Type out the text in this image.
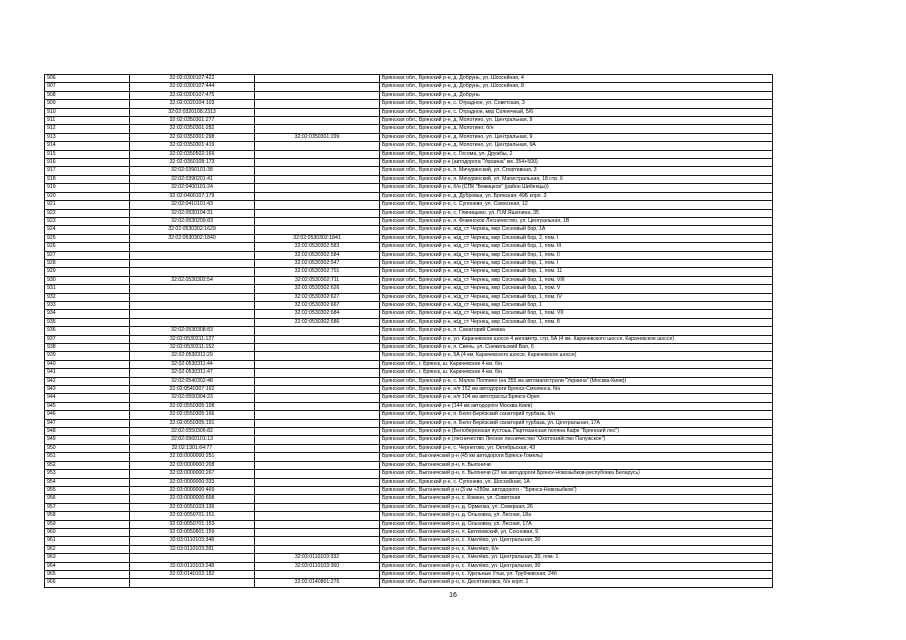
906	32:02:0300107:422		Брянская обл., Брянский р-н, д. Добрунь, ул. Шоссейная, 4
907	32:02:0300107:444		Брянская обл., Брянский р-н, д. Добрунь, ул. Шоссейная, 8
908	32:02:0300107:475		Брянская обл., Брянский р-н, д. Добрунь
909	32:02:0320104:103		Брянская обл., Брянский р-н, с. Отрадное, ул. Советская, 3
910	32:02:0320108:2313		Брянская обл., Брянский р-н, с. Отрадное, мкр Солнечный, 5/6
911	32:02:0350301:277		Брянская обл., Брянский р-н, д. Молотино, ул. Центральная, 9
912	32:02:0350301:282		Брянская обл., Брянский р-н, д. Молотино, б/н
913	32:02:0350301:298	32:02:0350301:299	Брянская обл., Брянский р-н, д. Молотино, ул. Центральная, 9
914	32:02:0350301:419		Брянская обл., Брянский р-н, д. Молотино, ул. Центральная, 9А
915	32:02:0350502:169		Брянская обл., Брянский р-н, с. Госома, ул. Дружбы, 2
916	32:02:0360108:173		Брянская обл., Брянский р-н (автодорога "Украина" км. 354+500)
917	32:02:0390101:38		Брянская обл., Брянский р-н, п. Мичуринский, ул. Спортивная, 3
918	32:02:0390201:41		Брянская обл., Брянский р-н, п. Мичуринский, ул. Магистральная, 18 стр. 6
919	32:02:0400101:24		Брянская обл., Брянский р-н, б/н (СПК "Бежицкое" (район Шибенцы))
920	32:02:0400107:179		Брянская обл., Брянский р-н, д. Дубровка, ул. Брянская, 49Б корп. 3
921	32:02:0410101:43		Брянская обл., Брянский р-н, с. Супонево, ул. Совхозная, 12
922	32:02:0530104:31		Брянская обл., Брянский р-н, с. Глинищево, ул. П.М.Яшенина, 35
923	32:02:0530209:83		Брянская обл., Брянский р-н, п. Фокинское Лесничество, ул. Центральная, 1В
924	32:02:0530302:1629		Брянская обл., Брянский р-н, ж/д_ст Чернец, мкр Сосновый бор, 1А
925	32:02:0530302:1840	32:02:0530302:1841	Брянская обл., Брянский р-н, ж/д_ст Чернец, мкр Сосновый бор, 2, пом. I
926		32:02:0530302:583	Брянская обл., Брянский р-н, ж/д_ст Чернец, мкр Сосновый бор, 1, пом. III
927		32:02:0530302:584	Брянская обл., Брянский р-н, ж/д_ст Чернец, мкр Сосновый бор, 1, пом. II
928		32:02:0530302:547	Брянская обл., Брянский р-н, ж/д_ст Чернец, мкр Сосновый бор, 1, пом. I
929		32:02:0530302:701	Брянская обл., Брянский р-н, ж/д_ст Чернец, мкр Сосновый бор, 1, пом. 11
930	32:02:0530302:54	32:02:0530302:711	Брянская обл., Брянский р-н, ж/д_ст Чернец, мкр Сосновый бор, 1, пом. VIII
931		32:02:0530302:626	Брянская обл., Брянский р-н, ж/д_ст Чернец, мкр Сосновый бор, 1, пом. V
932		32:02:0530302:627	Брянская обл., Брянский р-н, ж/д_ст Чернец, мкр Сосновый бор, 1, пом. IV
933		32:02:0530302:667	Брянская обл., Брянский р-н, ж/д_ст Чернец, мкр Сосновый бор, 1
934		32:02:0530302:684	Брянская обл., Брянский р-н, ж/д_ст Чернец, мкр Сосновый бор, 1, пом. VII
935		32:02:0530302:686	Брянская обл., Брянский р-н, ж/д_ст Чернец, мкр Сосновый бор, 1, пом. 8
936	32:02:0530308:83		Брянская обл., Брянский р-н, п. Санаторий Снежка
937	32:02:0530311:127		Брянская обл., Брянский р-н, ул. Карачевское шоссе 4 километр, стр. 5А (4 км. Карачевского шоссе, Карачевское шоссе)
938	32:02:0530311:152		Брянская обл., Брянский р-н, п. Свень, ул. Снежельский Вал, 6
939	32:02:0530311:29		Брянская обл., Брянский р-н, 5А (4 км. Карачевского шоссе, Карачевское шоссе)
940	32:02:0530311:44		Брянская обл., г. Брянск, ш. Карачевское 4 км. б/н
941	32:02:0530311:47		Брянская обл., г. Брянск, ш. Карачевское 4 км. б/н
942	32:02:0540302:48		Брянская обл., Брянский р-н, с. Малое Полпино (на 355 км автомагистрали "Украина" (Москва-Киев))
943	32:02:0540307:192		Брянская обл., Брянский р-н, н/п 152 км автодороги Брянск-Смоленск, б/н
944	32:02:0550304:23		Брянская обл., Брянский р-н, н/п 104 км автотрассы Брянск-Орел
945	32:02:0550305:108		Брянская обл., Брянский р-н (144 км автодороги Москва-Киев)
946	32:02:0550305:166		Брянская обл., Брянский р-н, п. Бело-Берёзский санаторий турбаза, б/н
947	32:02:0550305:191		Брянская обл., Брянский р-н, п. Бело-Берёзский санаторий турбаза, ул. Центральная, 17А
948	32:02:0550306:82		Брянская обл., Брянский р-н (Белоберезская пустошь Партизанская поляна Кафе "Брянский лес")
949	32:02:0560101:13		Брянская обл., Брянский р-н (лесничество Лесное лесничество "Охотхозяйство Палужское")
950	32:02:1301:64:77		Брянская обл., Брянский р-н, с. Чернетово, ул. Октябрьская, 43
951	32:03:0000000:251		Брянская обл., Выгоничский р-н (45 км автодороги Брянск-Гомель)
952	32:03:0000000:208		Брянская обл., Выгоничский р-н, п. Выгоничи
953	32:03:0000000:267		Брянская обл., Выгоничский р-н, п. Выгоничи (27 км автодороги Брянск-Новозыбков-республика Беларусь)
954	32:03:0000000:333		Брянская обл., Брянский р-н, с. Супонево, ул. Шоссейная, 1А
955	32:03:0000000:469		Брянская обл., Выгоничский р-н (3 км +250м. автодороги - "Брянск-Новозыбков")
956	32:03:0000000:698		Брянская обл., Выгоничский р-н, с. Кокино, ул. Советская
957	32:03:0050103:136		Брянская обл., Выгоничский р-н, д. Орменка, ул. Северная, 26
958	32:03:0050701:151		Брянская обл., Выгоничский р-н, д. Ольховка, ул. Лесная, 18а
959	32:03:0050701:153		Брянская обл., Выгоничский р-н, д. Ольховка, ул. Лесная, 17А
960	32:03:0050801:159		Брянская обл., Выгоничский р-н, п. Евтиховский, ул. Сосновая, 9
961	32:03:0110103:348		Брянская обл., Выгоничский р-н, с. Хмелёво, ул. Центральная, 30
962	32:03:0110103:281		Брянская обл., Выгоничский р-н, с. Хмелёво, б/н
963		32:03:0110103:332	Брянская обл., Выгоничский р-н, с. Хмелёво, ул. Центральная, 30, пом. 1
964	32:03:0110103:248	32:03:0110103:360	Брянская обл., Выгоничский р-н, с. Хмелёво, ул. Центральная, 30
965	32:03:0140102:182		Брянская обл., Выгоничский р-н, с. Удельные Утьи, ул. Трубчевская, 24б
966		32:02:0140801:276	Брянская обл., Выгоничский р-н, п. Десятниковск, б/н корп. 1
16
